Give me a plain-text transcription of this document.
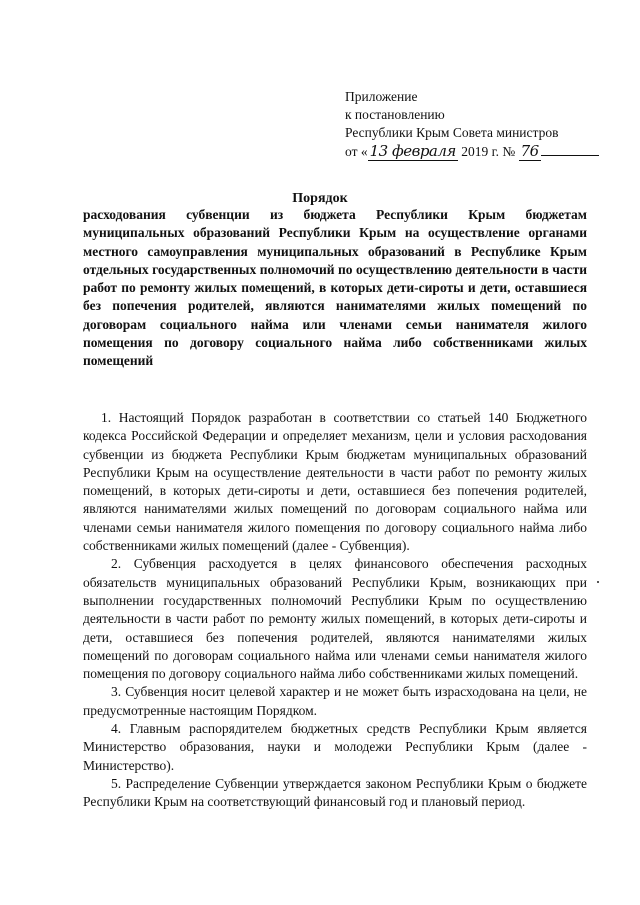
Приложение
к постановлению
Республики Крым Совета министров
от « 13 февраля 2019 г. № 76
Порядок
расходования субвенции из бюджета Республики Крым бюджетам муниципальных образований Республики Крым на осуществление органами местного самоуправления муниципальных образований в Республике Крым отдельных государственных полномочий по осуществлению деятельности в части работ по ремонту жилых помещений, в которых дети-сироты и дети, оставшиеся без попечения родителей, являются нанимателями жилых помещений по договорам социального найма или членами семьи нанимателя жилого помещения по договору социального найма либо собственниками жилых помещений

1. Настоящий Порядок разработан в соответствии со статьей 140 Бюджетного кодекса Российской Федерации и определяет механизм, цели и условия расходования субвенции из бюджета Республики Крым бюджетам муниципальных образований Республики Крым на осуществление деятельности в части работ по ремонту жилых помещений, в которых дети-сироты и дети, оставшиеся без попечения родителей, являются нанимателями жилых помещений по договорам социального найма или членами семьи нанимателя жилого помещения по договору социального найма либо собственниками жилых помещений (далее - Субвенция).

2. Субвенция расходуется в целях финансового обеспечения расходных обязательств муниципальных образований Республики Крым, возникающих при выполнении государственных полномочий Республики Крым по осуществлению деятельности в части работ по ремонту жилых помещений, в которых дети-сироты и дети, оставшиеся без попечения родителей, являются нанимателями жилых помещений по договорам социального найма или членами семьи нанимателя жилого помещения по договору социального найма либо собственниками жилых помещений.

3. Субвенция носит целевой характер и не может быть израсходована на цели, не предусмотренные настоящим Порядком.

4. Главным распорядителем бюджетных средств Республики Крым является Министерство образования, науки и молодежи Республики Крым (далее - Министерство).

5. Распределение Субвенции утверждается законом Республики Крым о бюджете Республики Крым на соответствующий финансовый год и плановый период.
